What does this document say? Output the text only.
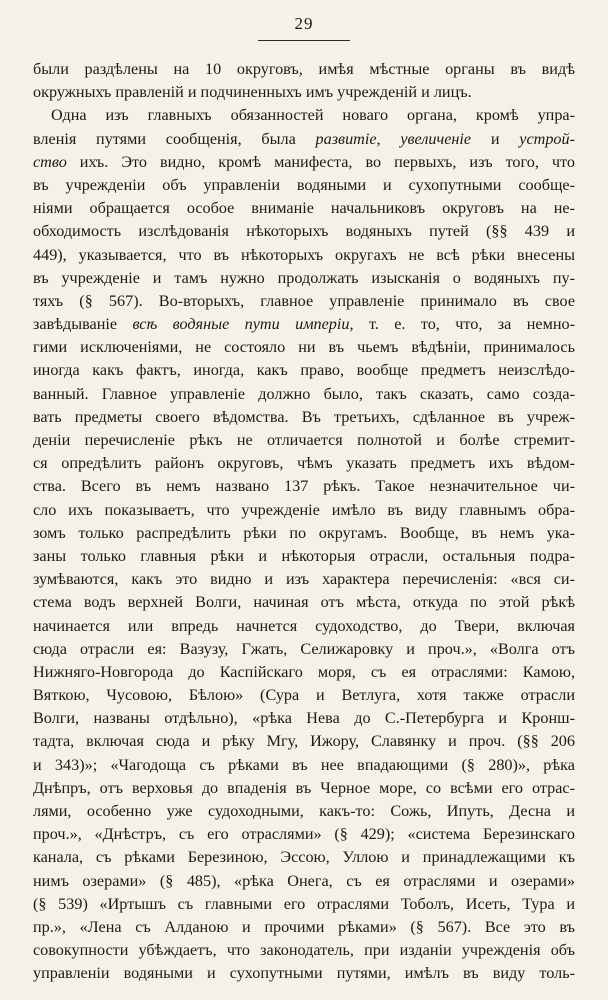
29
были раздѣлены на 10 округовъ, имѣя мѣстные органы въ видѣ
окружныхъ правленiй и подчиненныхъ имъ учрежденiй и лицъ.
Одна изъ главныхъ обязанностей новаго органа, кромѣ упра-
вленiя путями сообщенiя, была развитiе, увеличенiе и устрой-
ство ихъ. Это видно, кромѣ манифеста, во первыхъ, изъ того, что
въ учрежденiи объ управленiи водяными и сухопутными сообще-
нiями обращается особое вниманiе начальниковъ округовъ на не-
обходимость изслѣдованiя нѣкоторыхъ водяныхъ путей (§§ 439 и
449), указывается, что въ нѣкоторыхъ округахъ не всѣ рѣки внесены
въ учрежденiе и тамъ нужно продолжать изысканiя о водяныхъ пу-
тяхъ (§ 567). Во-вторыхъ, главное управленiе принимало въ свое
завѣдыванiе всѣ водяные пути имперiи, т. е. то, что, за немно-
гими исключенiями, не состояло ни въ чьемъ вѣдѣнiи, принималось
иногда какъ фактъ, иногда, какъ право, вообще предметъ неизслѣдо-
ванный. Главное управленiе должно было, такъ сказать, само созда-
вать предметы своего вѣдомства. Въ третьихъ, сдѣланное въ учреж-
денiи перечисленiе рѣкъ не отличается полнотой и болѣе стремит-
ся опредѣлить районъ округовъ, чѣмъ указать предметъ ихъ вѣдом-
ства. Всего въ немъ названо 137 рѣкъ. Такое незначительное чи-
сло ихъ показываетъ, что учрежденiе имѣло въ виду главнымъ обра-
зомъ только распредѣлить рѣки по округамъ. Вообще, въ немъ ука-
заны только главныя рѣки и нѣкоторыя отрасли, остальныя подра-
зумѣваются, какъ это видно и изъ характера перечисленiя: «вся си-
стема водъ верхней Волги, начиная отъ мѣста, откуда по этой рѣкѣ
начинается или впредь начнется судоходство, до Твери, включая
сюда отрасли ея: Вазузу, Гжать, Селижаровку и проч.», «Волга отъ
Нижняго-Новгорода до Каспiйскаго моря, съ ея отраслями: Камою,
Вяткою, Чусовою, Бѣлою» (Сура и Ветлуга, хотя также отрасли
Волги, названы отдѣльно), «рѣка Нева до С.-Петербурга и Кронш-
тадта, включая сюда и рѣку Мгу, Ижору, Славянку и проч. (§§ 206
и 343)»; «Чагодоща съ рѣками въ нее впадающими (§ 280)», рѣка
Днѣпръ, отъ верховья до впаденiя въ Черное море, со всѣми его отрас-
лями, особенно уже судоходными, какъ-то: Сожь, Ипуть, Десна и
проч.», «Днѣстръ, съ его отраслями» (§ 429); «система Березинскаго
канала, съ рѣками Березиною, Эссою, Уллою и принадлежащими къ
нимъ озерами» (§ 485), «рѣка Онега, съ ея отраслями и озерами»
(§ 539) «Иртышъ съ главными его отраслями Тоболъ, Исеть, Тура и
пр.», «Лена съ Алданою и прочими рѣками» (§ 567). Все это въ
совокупности убѣждаетъ, что законодатель, при изданiи учрежденiя объ
управленiи водяными и сухопутными путями, имѣлъ въ виду толь-
